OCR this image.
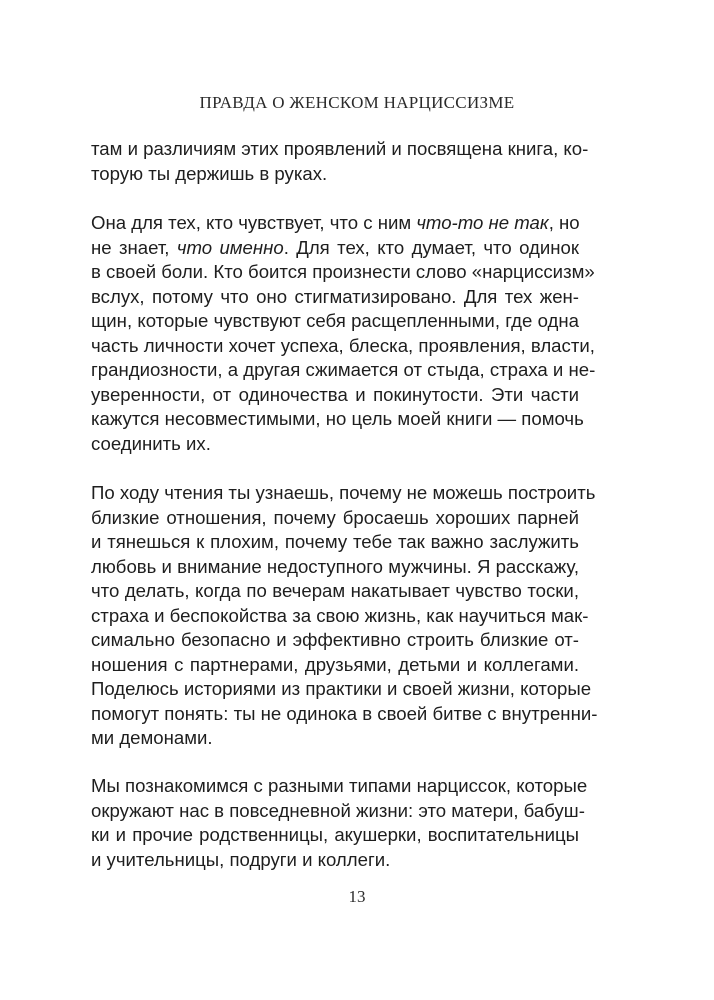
ПРАВДА О ЖЕНСКОМ НАРЦИССИЗМЕ
там и различиям этих проявлений и посвящена книга, ко-
торую ты держишь в руках.
Она для тех, кто чувствует, что с ним что-то не так, но
не знает, что именно. Для тех, кто думает, что одинок
в своей боли. Кто боится произнести слово «нарциссизм»
вслух, потому что оно стигматизировано. Для тех жен-
щин, которые чувствуют себя расщепленными, где одна
часть личности хочет успеха, блеска, проявления, власти,
грандиозности, а другая сжимается от стыда, страха и не-
уверенности, от одиночества и покинутости. Эти части
кажутся несовместимыми, но цель моей книги — помочь
соединить их.
По ходу чтения ты узнаешь, почему не можешь построить
близкие отношения, почему бросаешь хороших парней
и тянешься к плохим, почему тебе так важно заслужить
любовь и внимание недоступного мужчины. Я расскажу,
что делать, когда по вечерам накатывает чувство тоски,
страха и беспокойства за свою жизнь, как научиться мак-
симально безопасно и эффективно строить близкие от-
ношения с партнерами, друзьями, детьми и коллегами.
Поделюсь историями из практики и своей жизни, которые
помогут понять: ты не одинока в своей битве с внутренни-
ми демонами.
Мы познакомимся с разными типами нарциссок, которые
окружают нас в повседневной жизни: это матери, бабуш-
ки и прочие родственницы, акушерки, воспитательницы
и учительницы, подруги и коллеги.
13
